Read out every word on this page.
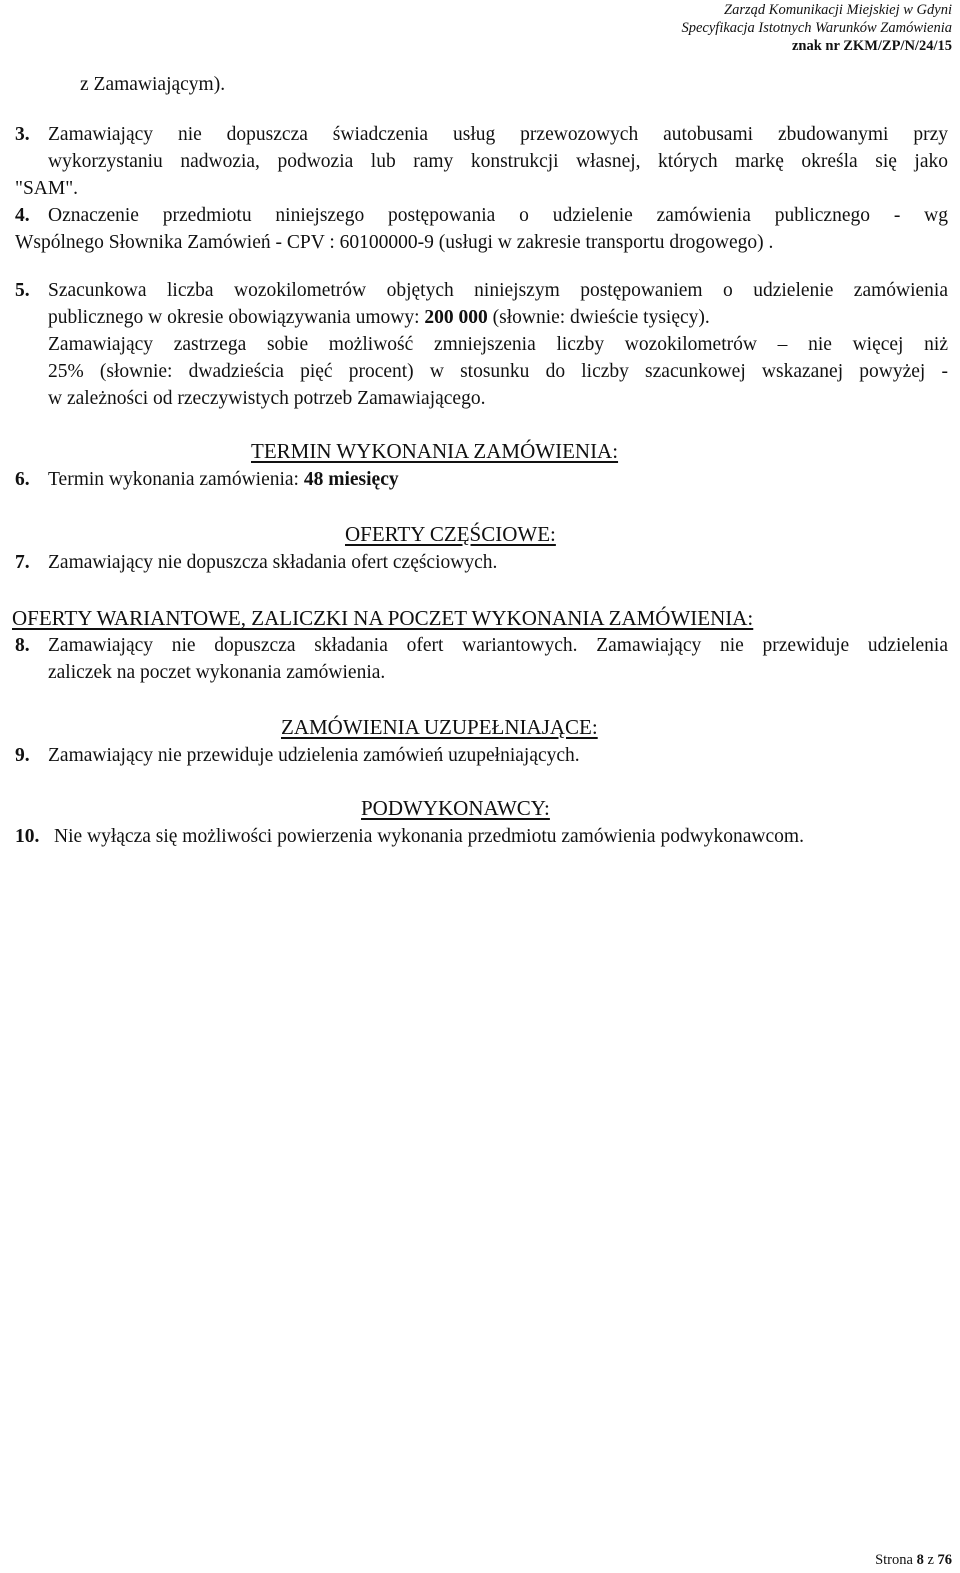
Zarząd Komunikacji Miejskiej w Gdyni
Specyfikacja Istotnych Warunków Zamówienia
znak nr ZKM/ZP/N/24/15
z Zamawiającym).
3. Zamawiający nie dopuszcza świadczenia usług przewozowych autobusami zbudowanymi przy
wykorzystaniu nadwozia, podwozia lub ramy konstrukcji własnej, których markę określa się jako
"SAM".
4. Oznaczenie przedmiotu niniejszego postępowania o udzielenie zamówienia publicznego - wg
Wspólnego Słownika Zamówień - CPV : 60100000-9 (usługi w zakresie transportu drogowego) .
5. Szacunkowa liczba wozokilometrów objętych niniejszym postępowaniem o udzielenie zamówienia
publicznego w okresie obowiązywania umowy: 200 000 (słownie: dwieście tysięcy).
Zamawiający zastrzega sobie możliwość zmniejszenia liczby wozokilometrów – nie więcej niż
25% (słownie: dwadzieścia pięć procent) w stosunku do liczby szacunkowej wskazanej powyżej -
w zależności od rzeczywistych potrzeb Zamawiającego.
TERMIN WYKONANIA ZAMÓWIENIA:
6. Termin wykonania zamówienia: 48 miesięcy
OFERTY CZĘŚCIOWE:
7. Zamawiający nie dopuszcza składania ofert częściowych.
OFERTY WARIANTOWE, ZALICZKI NA POCZET WYKONANIA ZAMÓWIENIA:
8. Zamawiający nie dopuszcza składania ofert wariantowych. Zamawiający nie przewiduje udzielenia
zaliczek na poczet wykonania zamówienia.
ZAMÓWIENIA UZUPEŁNIAJĄCE:
9. Zamawiający nie przewiduje udzielenia zamówień uzupełniających.
PODWYKONAWCY:
10. Nie wyłącza się możliwości powierzenia wykonania przedmiotu zamówienia podwykonawcom.
Strona 8 z 76
